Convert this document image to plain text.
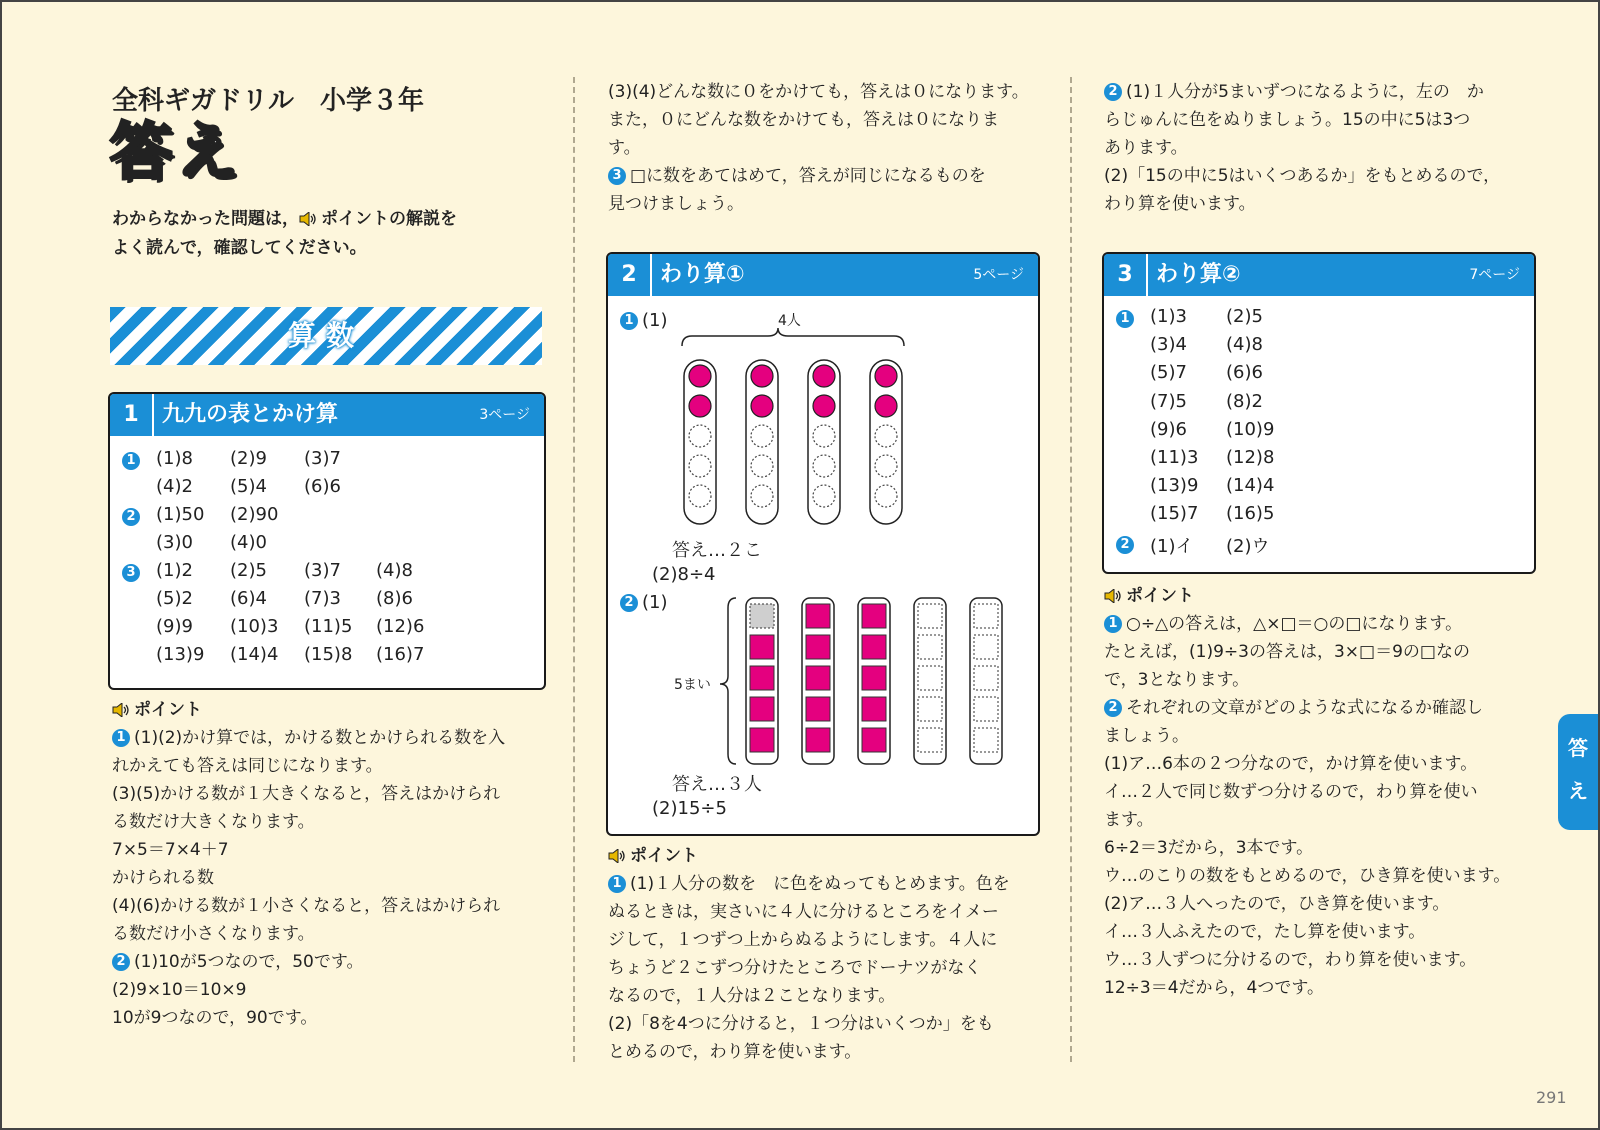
全科ギガドリル　小学３年
答え
わからなかった問題は， ポイントの解説を
よく読んで，確認してください。
算数
1	九九の表とかけ算	3ページ
1 (1)8 (2)9 (3)7
(4)2 (5)4 (6)6
2 (1)50 (2)90
(3)0 (4)0
3 (1)2 (2)5 (3)7 (4)8
(5)2 (6)4 (7)3 (8)6
(9)9 (10)3 (11)5 (12)6
(13)9 (14)4 (15)8 (16)7
ポイント
1 (1)(2)かけ算では，かける数とかけられる数を入
れかえても答えは同じになります。
(3)(5)かける数が１大きくなると，答えはかけられ
る数だけ大きくなります。
7×5＝7×4＋7
かけられる数
(4)(6)かける数が１小さくなると，答えはかけられ
る数だけ小さくなります。
2 (1)10が5つなので，50です。
(2)9×10＝10×9
10が9つなので，90です。
(3)(4)どんな数に０をかけても，答えは０になります。
また，０にどんな数をかけても，答えは０になりま
す。
3 □に数をあてはめて，答えが同じになるものを
見つけましょう。
2	わり算①	5ページ
1 (1)	4人
答え…２こ
(2)8÷4
2 (1)
5まい
答え…３人
(2)15÷5
ポイント
1 (1)１人分の数を　に色をぬってもとめます。色を
ぬるときは，実さいに４人に分けるところをイメー
ジして，１つずつ上からぬるようにします。４人に
ちょうど２こずつ分けたところでドーナツがなく
なるので，１人分は２ことなります。
(2)「8を4つに分けると，１つ分はいくつか」をも
とめるので，わり算を使います。
2 (1)１人分が5まいずつになるように，左の　か
らじゅんに色をぬりましょう。15の中に5は3つ
あります。
(2)「15の中に5はいくつあるか」をもとめるので，
わり算を使います。
3	わり算②	7ページ
1 (1)3 (2)5
(3)4 (4)8
(5)7 (6)6
(7)5 (8)2
(9)6 (10)9
(11)3 (12)8
(13)9 (14)4
(15)7 (16)5
2 (1)イ (2)ウ
ポイント
1 ○÷△の答えは，△×□＝○の□になります。
たとえば，(1)9÷3の答えは，3×□＝9の□なの
で，3となります。
2 それぞれの文章がどのような式になるか確認し
ましょう。
(1)ア…6本の２つ分なので，かけ算を使います。
イ…２人で同じ数ずつ分けるので，わり算を使い
ます。
6÷2＝3だから，3本です。
ウ…のこりの数をもとめるので，ひき算を使います。
(2)ア…３人へったので，ひき算を使います。
イ…３人ふえたので，たし算を使います。
ウ…３人ずつに分けるので，わり算を使います。
12÷3＝4だから，4つです。
答
え
291
